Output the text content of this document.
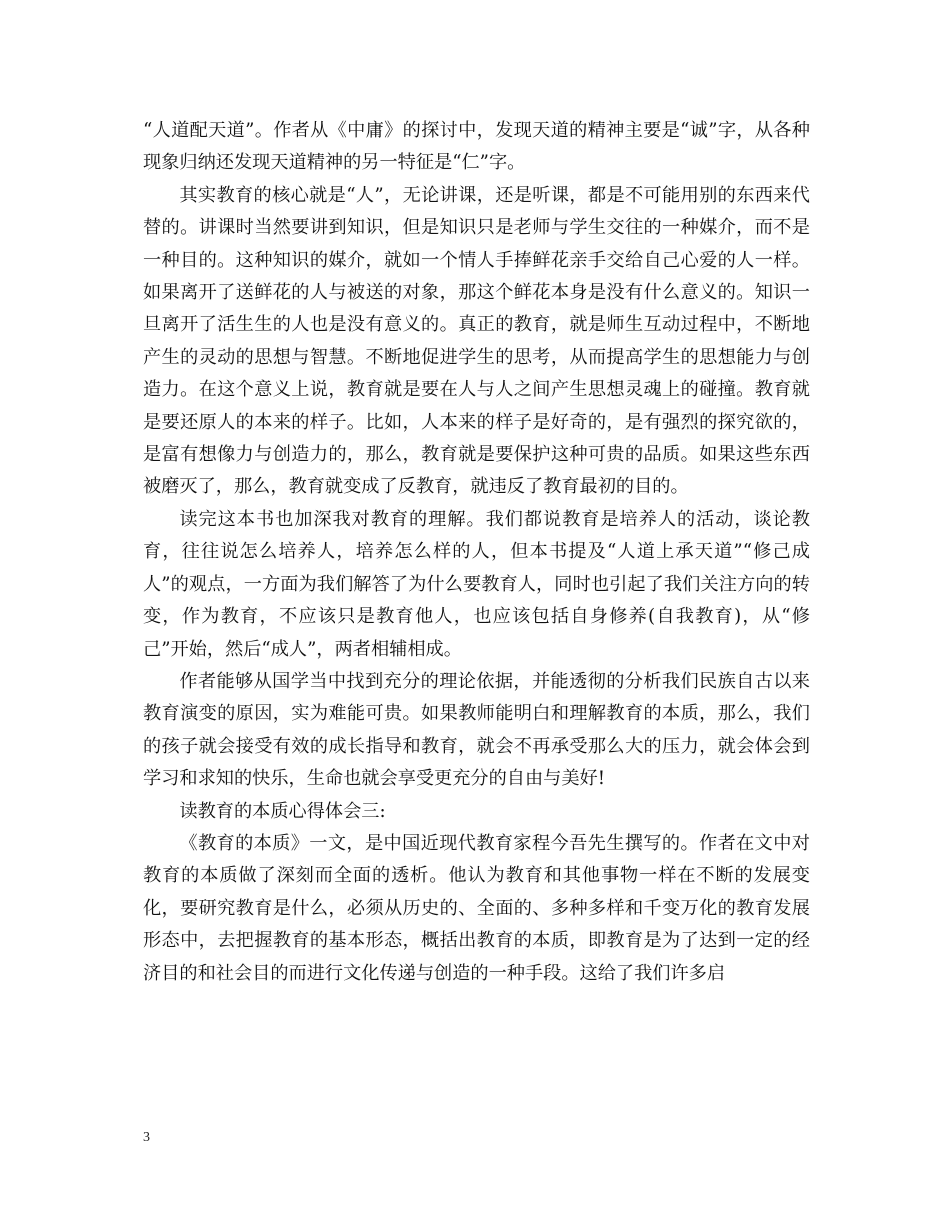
“人道配天道”。作者从《中庸》的探讨中，发现天道的精神主要是“诚”字，从各种现象归纳还发现天道精神的另一特征是“仁”字。

其实教育的核心就是“人”，无论讲课，还是听课，都是不可能用别的东西来代替的。讲课时当然要讲到知识，但是知识只是老师与学生交往的一种媒介，而不是一种目的。这种知识的媒介，就如一个情人手捧鲜花亲手交给自己心爱的人一样。如果离开了送鲜花的人与被送的对象，那这个鲜花本身是没有什么意义的。知识一旦离开了活生生的人也是没有意义的。真正的教育，就是师生互动过程中，不断地产生的灵动的思想与智慧。不断地促进学生的思考，从而提高学生的思想能力与创造力。在这个意义上说，教育就是要在人与人之间产生思想灵魂上的碰撞。教育就是要还原人的本来的样子。比如，人本来的样子是好奇的，是有强烈的探究欲的，是富有想像力与创造力的，那么，教育就是要保护这种可贵的品质。如果这些东西被磨灭了，那么，教育就变成了反教育，就违反了教育最初的目的。

读完这本书也加深我对教育的理解。我们都说教育是培养人的活动，谈论教育，往往说怎么培养人，培养怎么样的人，但本书提及“人道上承天道”“修己成人”的观点，一方面为我们解答了为什么要教育人，同时也引起了我们关注方向的转变，作为教育，不应该只是教育他人，也应该包括自身修养(自我教育)，从“修己”开始，然后“成人”，两者相辅相成。

作者能够从国学当中找到充分的理论依据，并能透彻的分析我们民族自古以来教育演变的原因，实为难能可贵。如果教师能明白和理解教育的本质，那么，我们的孩子就会接受有效的成长指导和教育，就会不再承受那么大的压力，就会体会到学习和求知的快乐，生命也就会享受更充分的自由与美好!

读教育的本质心得体会三:

《教育的本质》一文，是中国近现代教育家程今吾先生撰写的。作者在文中对教育的本质做了深刻而全面的透析。他认为教育和其他事物一样在不断的发展变化，要研究教育是什么，必须从历史的、全面的、多种多样和千变万化的教育发展形态中，去把握教育的基本形态，概括出教育的本质，即教育是为了达到一定的经济目的和社会目的而进行文化传递与创造的一种手段。这给了我们许多启

3
